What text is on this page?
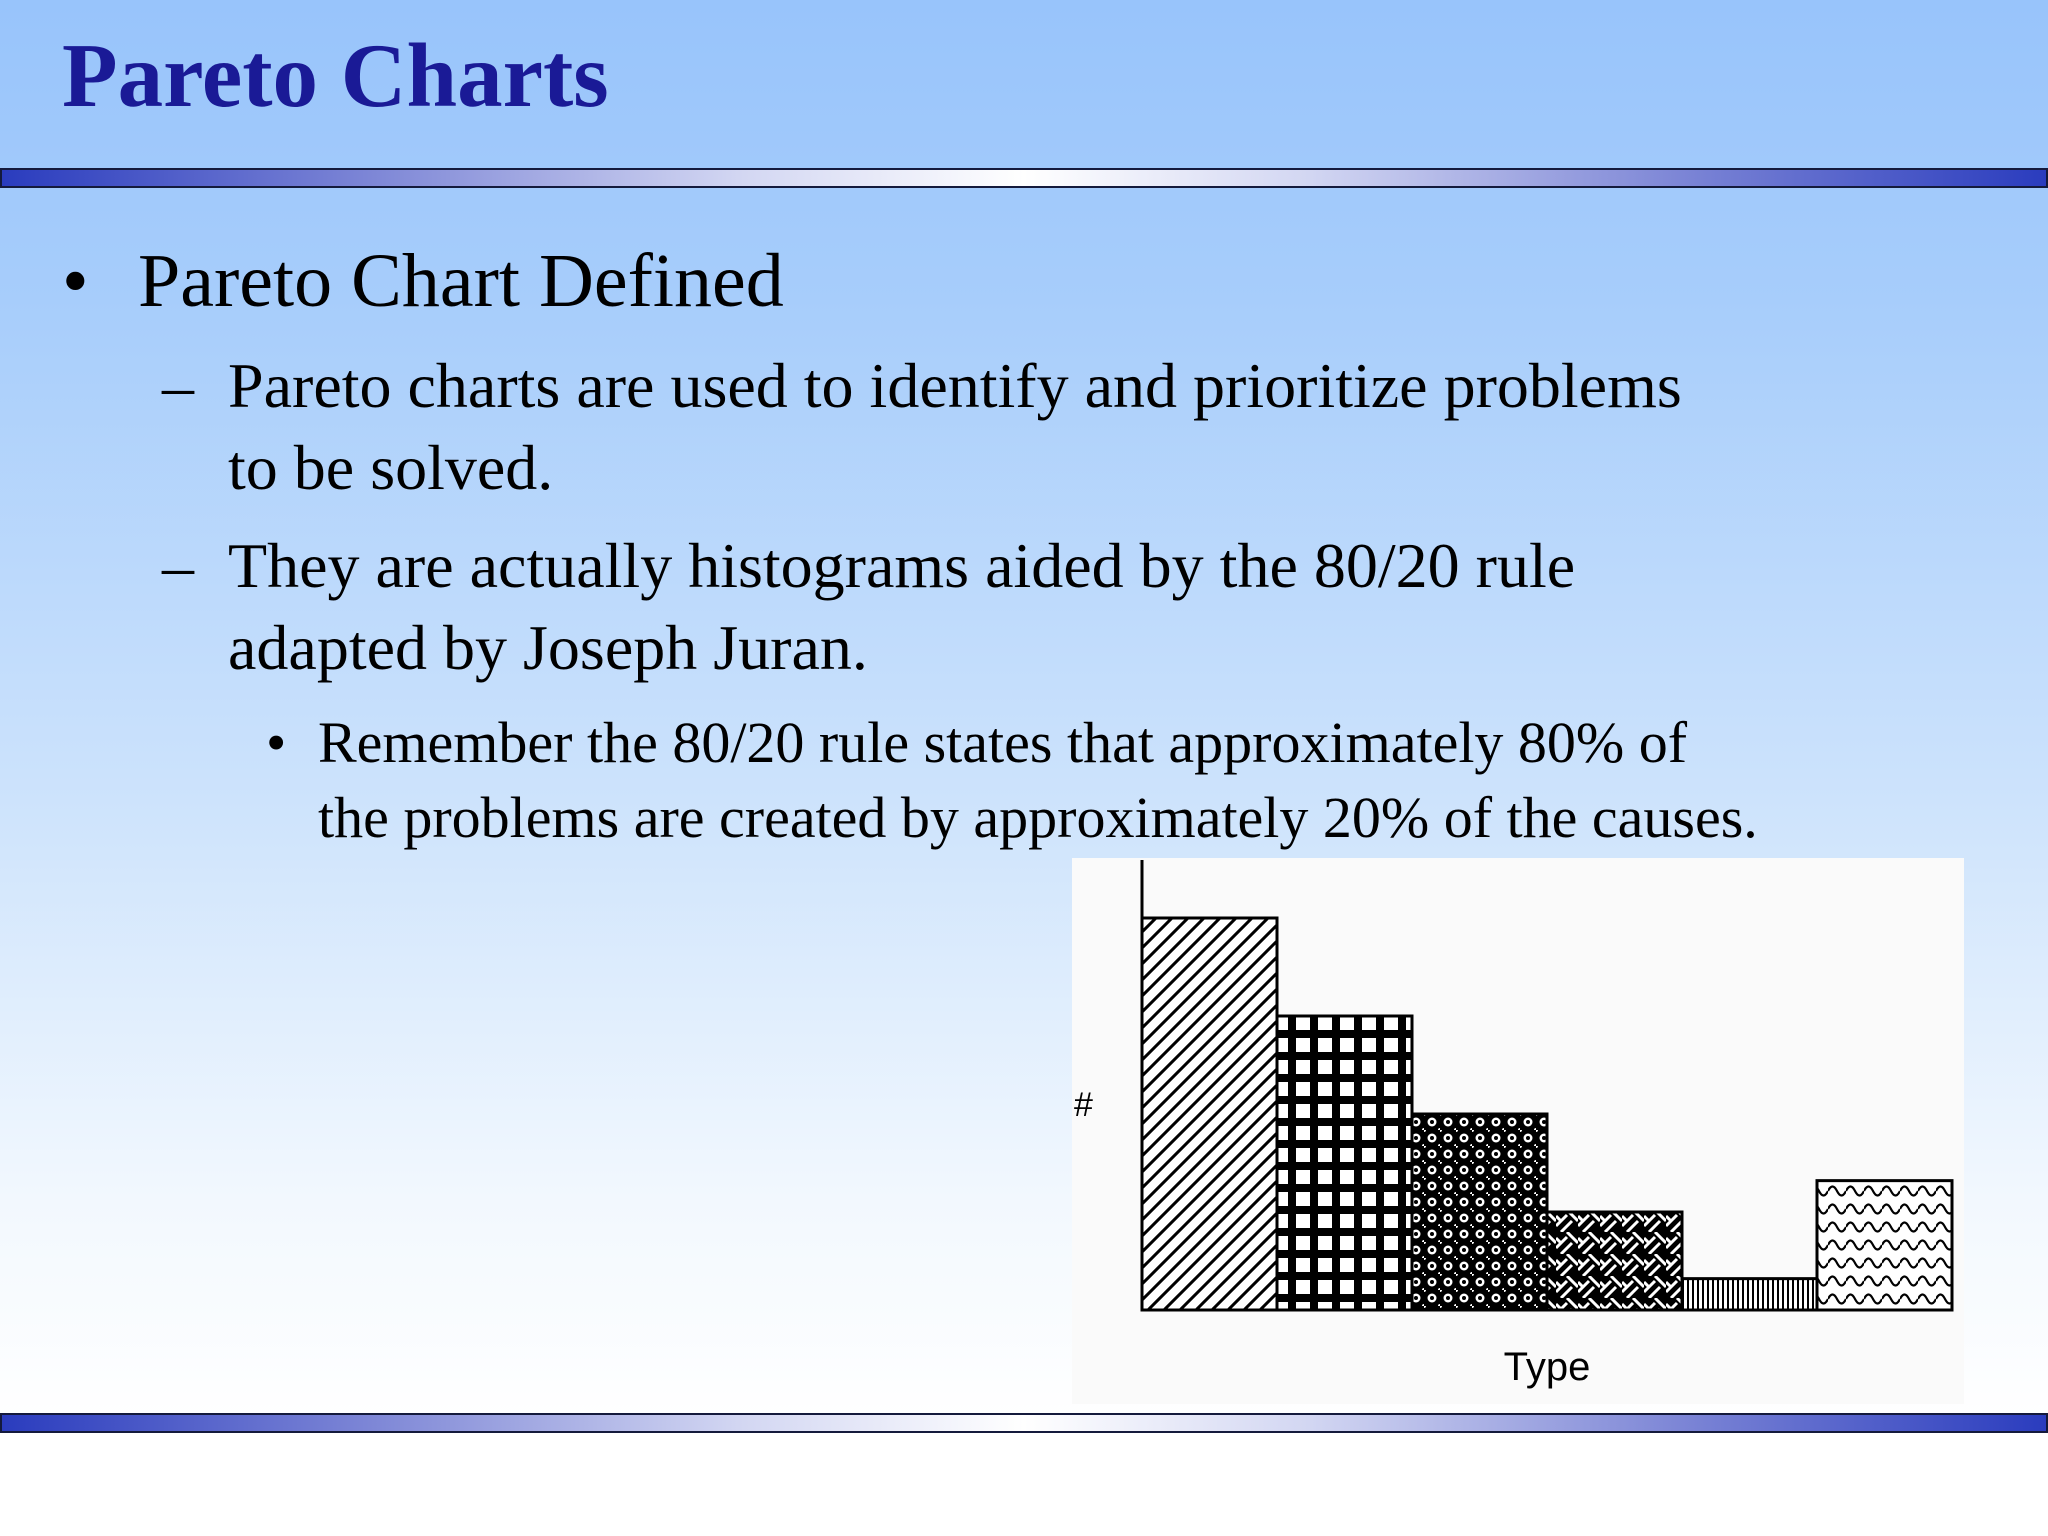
Pareto Charts
• Pareto Chart Defined
– Pareto charts are used to identify and prioritize problems to be solved.
– They are actually histograms aided by the 80/20 rule adapted by Joseph Juran.
• Remember the 80/20 rule states that approximately 80% of the problems are created by approximately 20% of the causes.
#
Type
